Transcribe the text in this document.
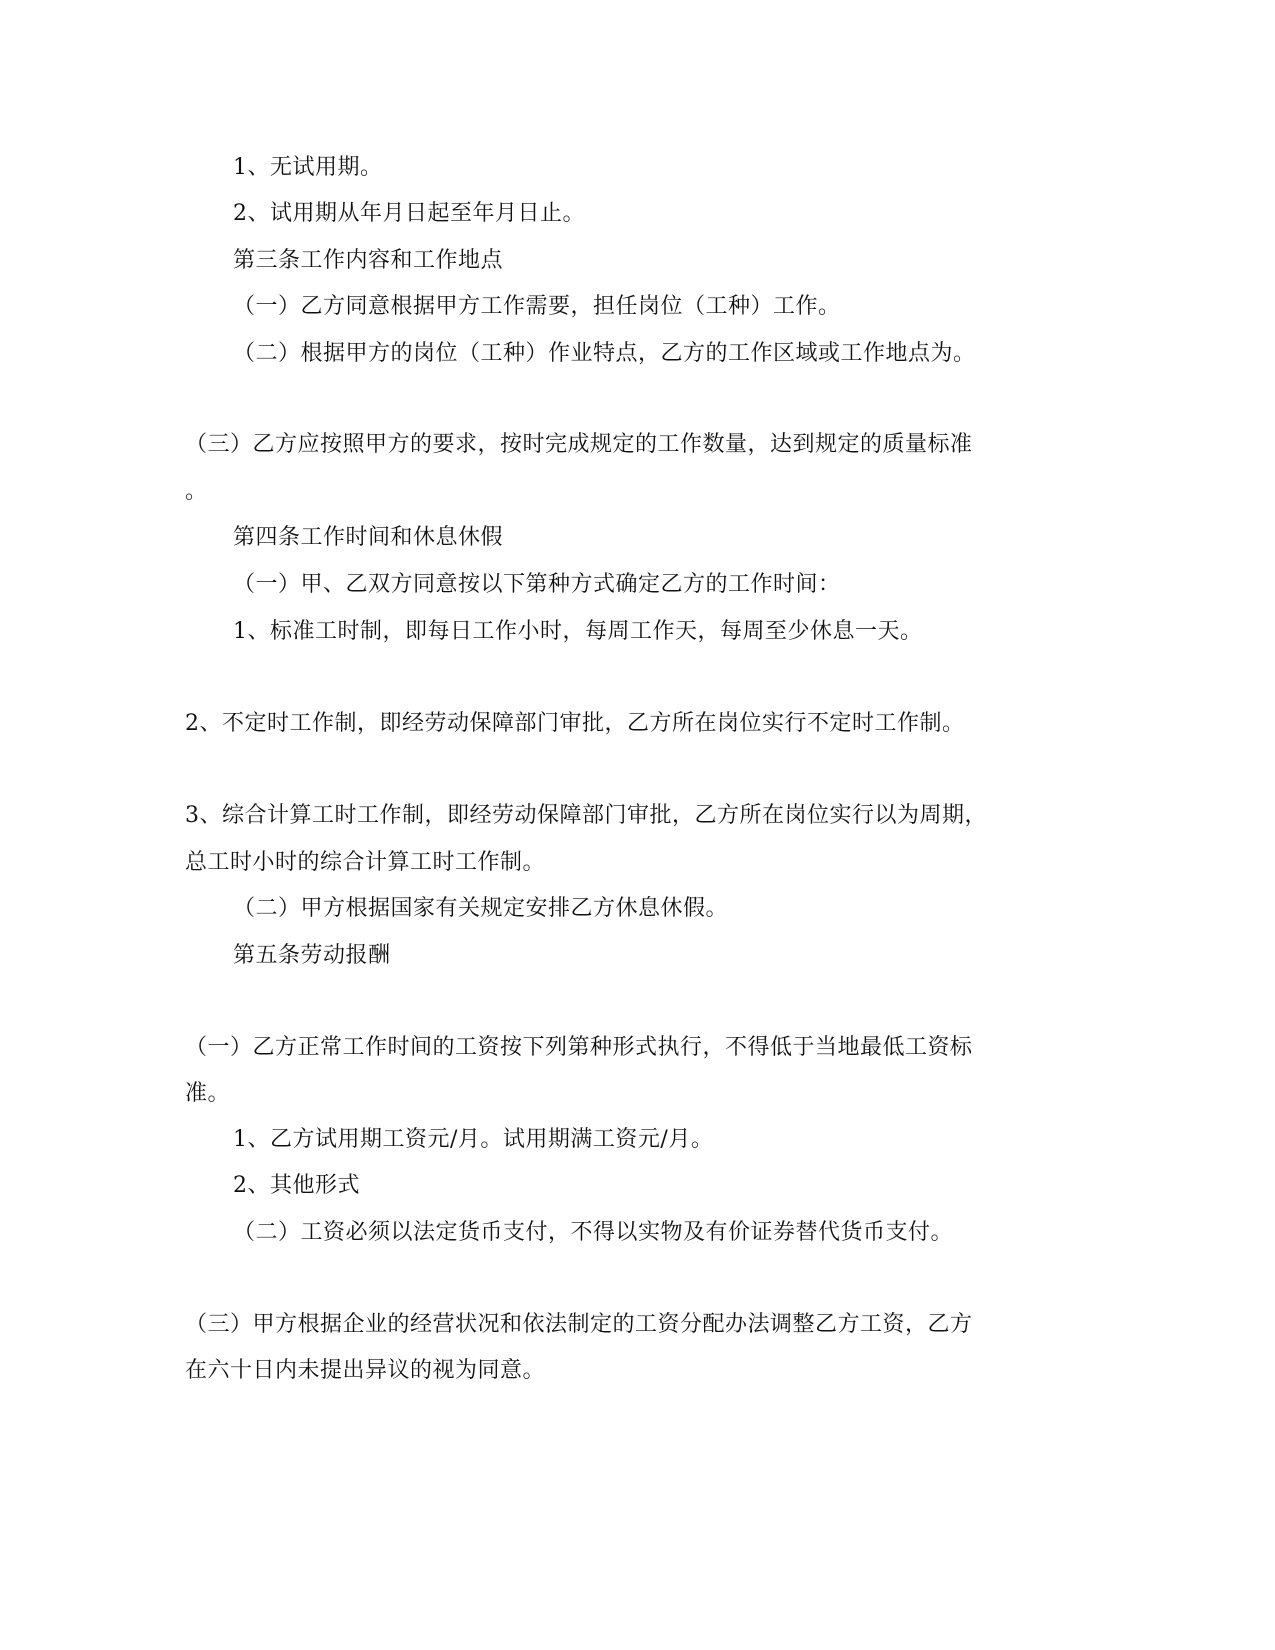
1、无试用期。
2、试用期从年月日起至年月日止。
第三条工作内容和工作地点
（一）乙方同意根据甲方工作需要，担任岗位（工种）工作。
（二）根据甲方的岗位（工种）作业特点，乙方的工作区域或工作地点为。
（三）乙方应按照甲方的要求，按时完成规定的工作数量，达到规定的质量标准
。
第四条工作时间和休息休假
（一）甲、乙双方同意按以下第种方式确定乙方的工作时间：
1、标准工时制，即每日工作小时，每周工作天，每周至少休息一天。
2、不定时工作制，即经劳动保障部门审批，乙方所在岗位实行不定时工作制。
3、综合计算工时工作制，即经劳动保障部门审批，乙方所在岗位实行以为周期，
总工时小时的综合计算工时工作制。
（二）甲方根据国家有关规定安排乙方休息休假。
第五条劳动报酬
（一）乙方正常工作时间的工资按下列第种形式执行，不得低于当地最低工资标
准。
1、乙方试用期工资元/月。试用期满工资元/月。
2、其他形式
（二）工资必须以法定货币支付，不得以实物及有价证券替代货币支付。
（三）甲方根据企业的经营状况和依法制定的工资分配办法调整乙方工资，乙方
在六十日内未提出异议的视为同意。
